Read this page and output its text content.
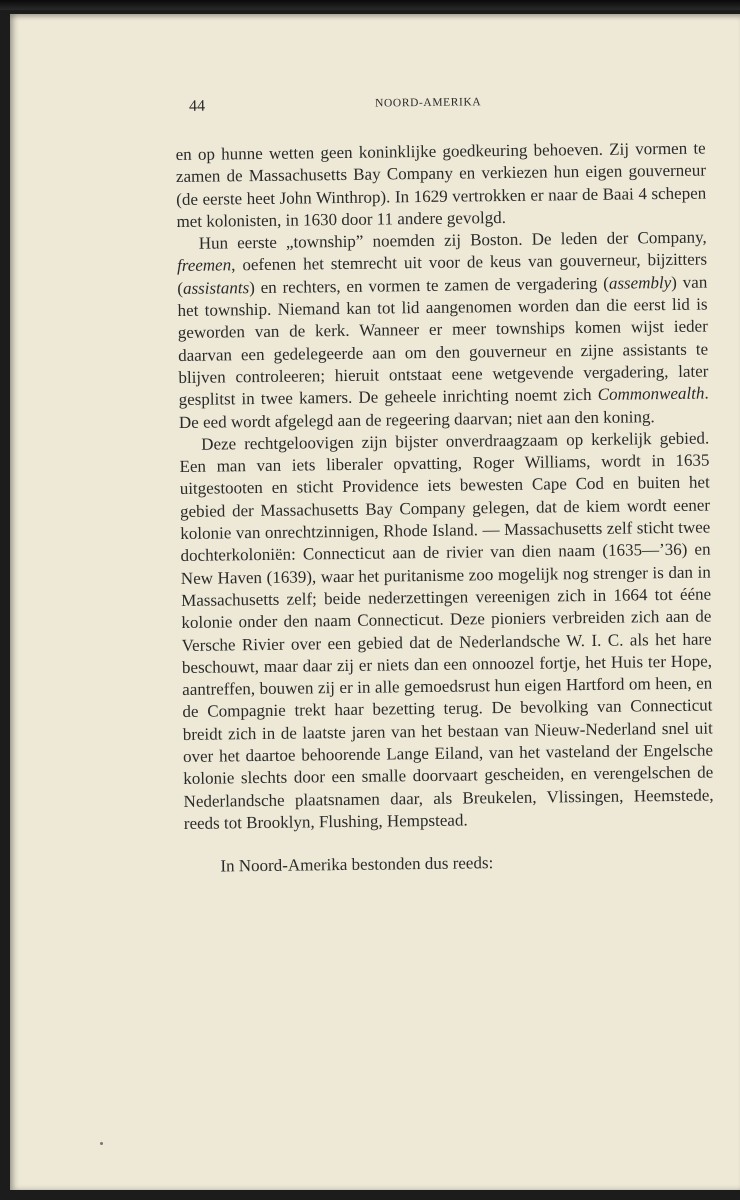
44	NOORD-AMERIKA

en op hunne wetten geen koninklijke goedkeuring behoeven. Zij vormen te zamen de Massachusetts Bay Company en verkiezen hun eigen gouverneur (de eerste heet John Winthrop). In 1629 vertrokken er naar de Baai 4 schepen met kolonisten, in 1630 door 11 andere gevolgd.

Hun eerste „township” noemden zij Boston. De leden der Company, freemen, oefenen het stemrecht uit voor de keus van gouverneur, bijzitters (assistants) en rechters, en vormen te zamen de vergadering (assembly) van het township. Niemand kan tot lid aangenomen worden dan die eerst lid is geworden van de kerk. Wanneer er meer townships komen wijst ieder daarvan een gedelegeerde aan om den gouverneur en zijne assistants te blijven controleeren; hieruit ontstaat eene wetgevende vergadering, later gesplitst in twee kamers. De geheele inrichting noemt zich Commonwealth. De eed wordt afgelegd aan de regeering daarvan; niet aan den koning.

Deze rechtgeloovigen zijn bijster onverdraagzaam op kerkelijk gebied. Een man van iets liberaler opvatting, Roger Williams, wordt in 1635 uitgestooten en sticht Providence iets bewesten Cape Cod en buiten het gebied der Massachusetts Bay Company gelegen, dat de kiem wordt eener kolonie van onrechtzinnigen, Rhode Island. — Massachusetts zelf sticht twee dochterkoloniën: Connecticut aan de rivier van dien naam (1635—’36) en New Haven (1639), waar het puritanisme zoo mogelijk nog strenger is dan in Massachusetts zelf; beide nederzettingen vereenigen zich in 1664 tot ééne kolonie onder den naam Connecticut. Deze pioniers verbreiden zich aan de Versche Rivier over een gebied dat de Nederlandsche W. I. C. als het hare beschouwt, maar daar zij er niets dan een onnoozel fortje, het Huis ter Hope, aantreffen, bouwen zij er in alle gemoedsrust hun eigen Hartford om heen, en de Compagnie trekt haar bezetting terug. De bevolking van Connecticut breidt zich in de laatste jaren van het bestaan van Nieuw-Nederland snel uit over het daartoe behoorende Lange Eiland, van het vasteland der Engelsche kolonie slechts door een smalle doorvaart gescheiden, en verengelschen de Nederlandsche plaatsnamen daar, als Breukelen, Vlissingen, Heemstede, reeds tot Brooklyn, Flushing, Hempstead.

In Noord-Amerika bestonden dus reeds:
